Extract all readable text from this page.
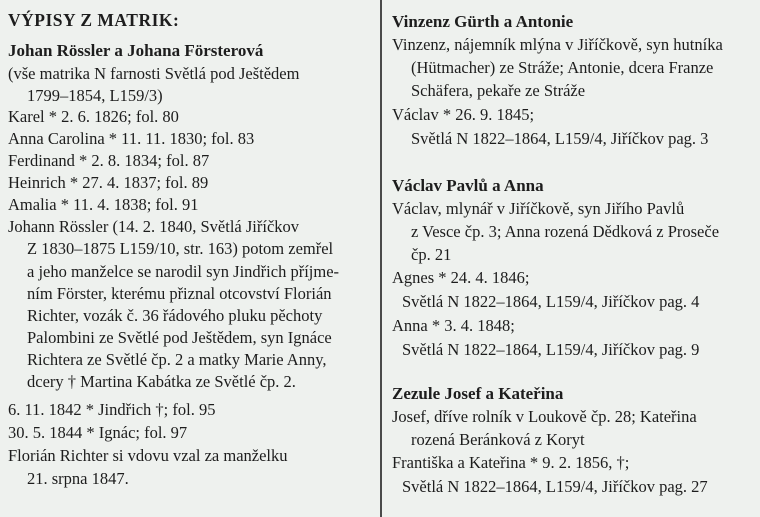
VÝPISY Z MATRIK:
Johan Rössler a Johana Försterová
(vše matrika N farnosti Světlá pod Ještědem
1799–1854, L159/3)
Karel * 2. 6. 1826; fol. 80
Anna Carolina * 11. 11. 1830; fol. 83
Ferdinand * 2. 8. 1834; fol. 87
Heinrich * 27. 4. 1837; fol. 89
Amalia * 11. 4. 1838; fol. 91
Johann Rössler (14. 2. 1840, Světlá Jiříčkov
Z 1830–1875 L159/10, str. 163) potom zemřel
a jeho manželce se narodil syn Jindřich příjme-
ním Förster, kterému přiznal otcovství Florián
Richter, vozák č. 36 řádového pluku pěchoty
Palombini ze Světlé pod Ještědem, syn Ignáce
Richtera ze Světlé čp. 2 a matky Marie Anny,
dcery † Martina Kabátka ze Světlé čp. 2.
6. 11. 1842 * Jindřich †; fol. 95
30. 5. 1844 * Ignác; fol. 97
Florián Richter si vdovu vzal za manželku
21. srpna 1847.
Vinzenz Gürth a Antonie
Vinzenz, nájemník mlýna v Jiříčkově, syn hutníka
(Hütmacher) ze Stráže; Antonie, dcera Franze
Schäfera, pekaře ze Stráže
Václav * 26. 9. 1845;
Světlá N 1822–1864, L159/4, Jiříčkov pag. 3
Václav Pavlů a Anna
Václav, mlynář v Jiříčkově, syn Jiřího Pavlů
z Vesce čp. 3; Anna rozená Dědková z Proseče
čp. 21
Agnes * 24. 4. 1846;
Světlá N 1822–1864, L159/4, Jiříčkov pag. 4
Anna * 3. 4. 1848;
Světlá N 1822–1864, L159/4, Jiříčkov pag. 9
Zezule Josef a Kateřina
Josef, dříve rolník v Loukově čp. 28; Kateřina
rozená Beránková z Koryt
Františka a Kateřina * 9. 2. 1856, †;
Světlá N 1822–1864, L159/4, Jiříčkov pag. 27
